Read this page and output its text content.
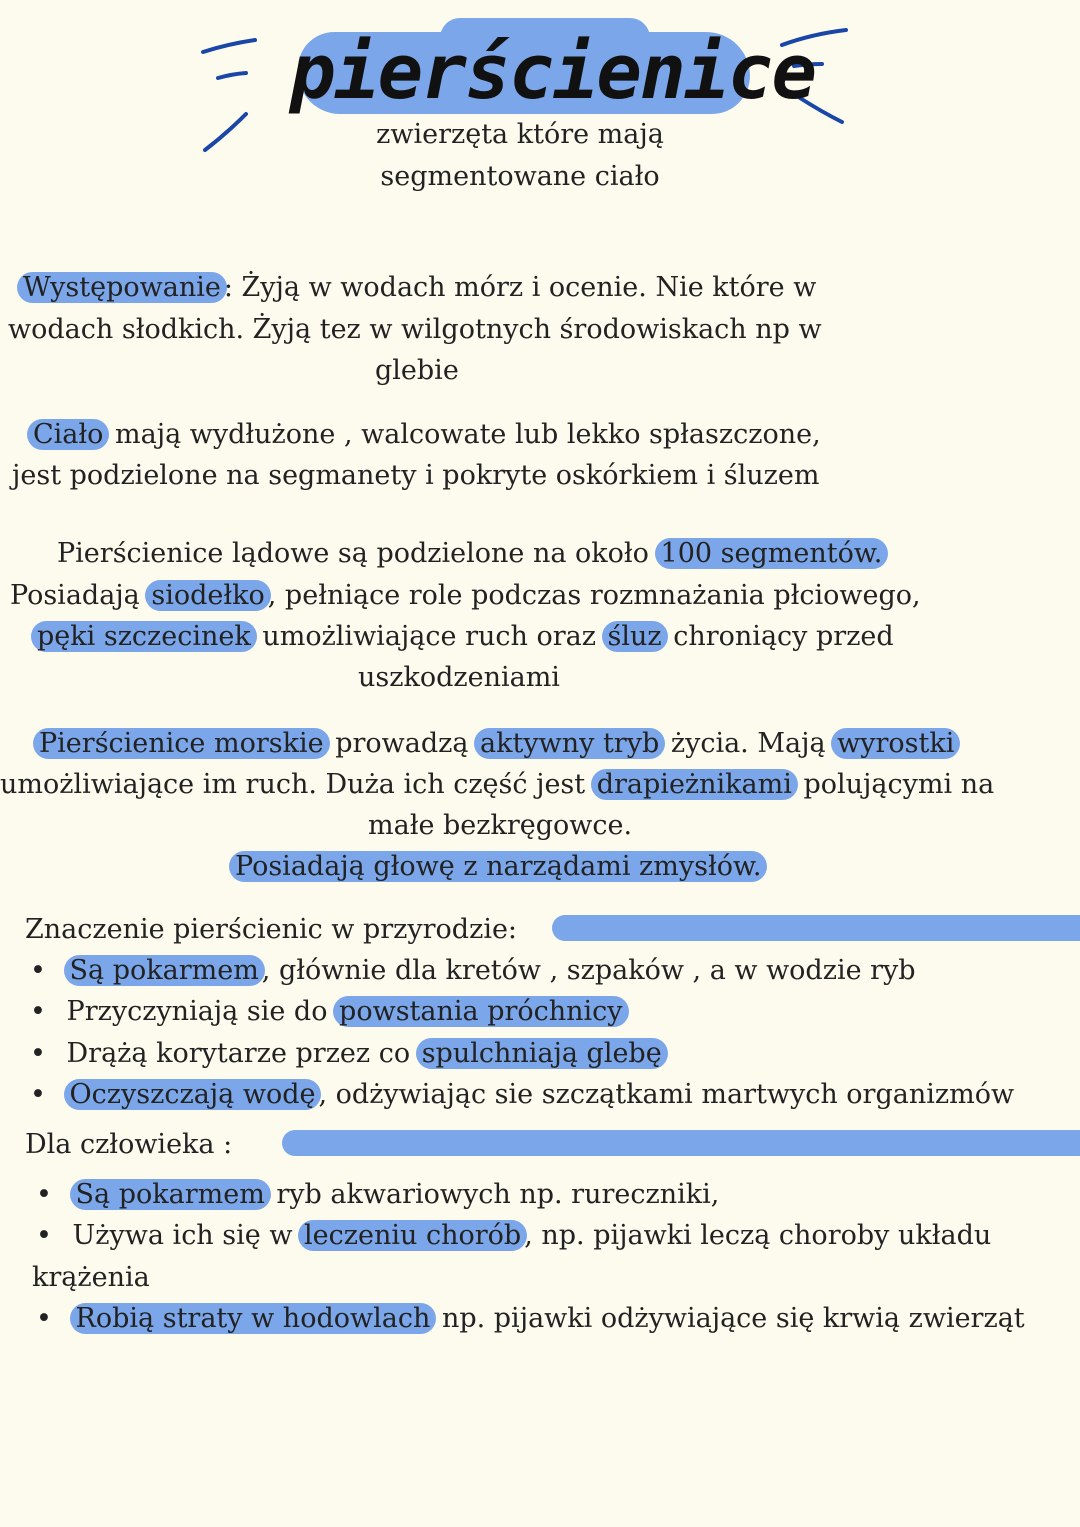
pierścienice
zwierzęta które mają segmentowane ciało
Występowanie : Żyją w wodach mórz i ocenie. Nie które w
wodach słodkich. Żyją tez w wilgotnych środowiskach np w
glebie
Ciało mają wydłużone , walcowate lub lekko spłaszczone,
jest podzielone na segmanety i pokryte oskórkiem i śluzem
Pierścienice lądowe są podzielone na około 100 segmentów.
Posiadają siodełko , pełniące role podczas rozmnażania płciowego,
pęki szczecinek umożliwiające ruch oraz śluz chroniący przed
uszkodzeniami
Pierścienice morskie prowadzą aktywny tryb życia. Mają wyrostki
umożliwiające im ruch. Duża ich część jest drapieżnikami polującymi na
małe bezkręgowce.
Posiadają głowę z narządami zmysłów.
Znaczenie pierścienic w przyrodzie:
• Są pokarmem , głównie dla kretów , szpaków , a w wodzie ryb
• Przyczyniają sie do powstania próchnicy
• Drążą korytarze przez co spulchniają glebę
• Oczyszczają wodę , odżywiając sie szczątkami martwych organizmów
Dla człowieka :
• Są pokarmem ryb akwariowych np. rureczniki,
• Używa ich się w leczeniu chorób , np. pijawki leczą choroby układu
krążenia
• Robią straty w hodowlach np. pijawki odżywiające się krwią zwierząt
